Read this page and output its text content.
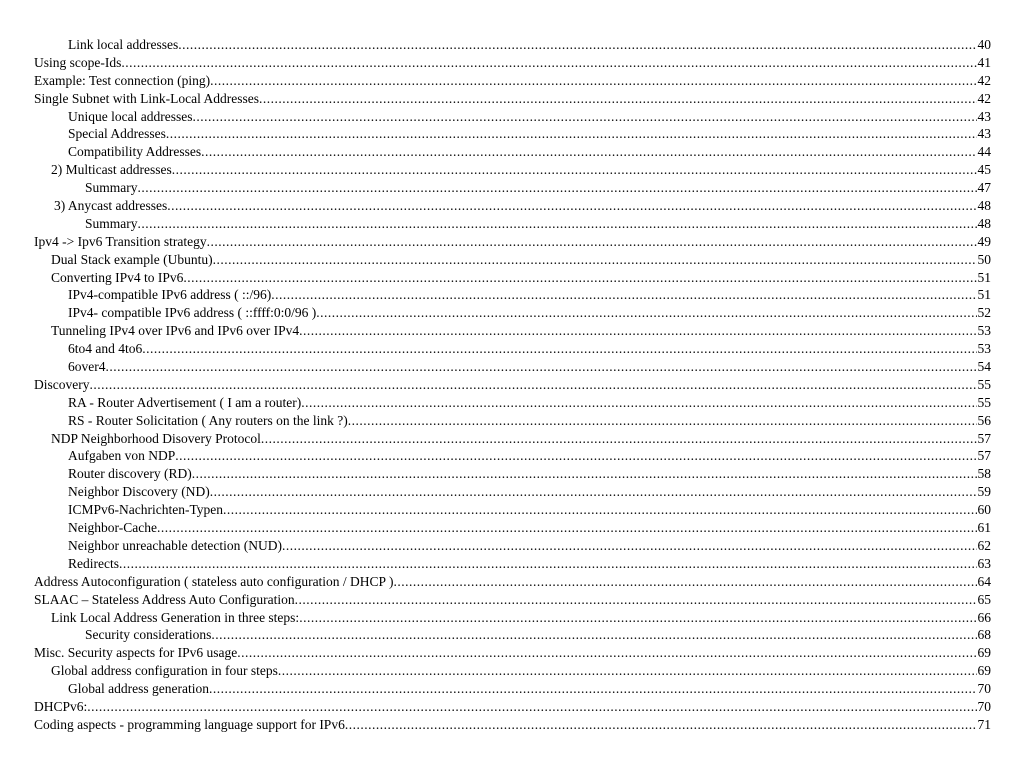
Link local addresses .....	40
Using scope-Ids .....	41
Example: Test connection (ping) .....	42
Single Subnet with Link-Local Addresses .....	42
Unique local addresses .....	43
Special Addresses .....	43
Compatibility Addresses .....	44
2) Multicast addresses .....	45
Summary .....	47
3) Anycast addresses .....	48
Summary .....	48
Ipv4 -> Ipv6 Transition strategy .....	49
Dual Stack example (Ubuntu) .....	50
Converting IPv4 to IPv6 .....	51
IPv4-compatible IPv6 address ( ::/96) .....	51
IPv4- compatible IPv6 address ( ::ffff:0:0/96 ) .....	52
Tunneling IPv4 over IPv6 and IPv6 over IPv4 .....	53
6to4 and 4to6 .....	53
6over4 .....	54
Discovery .....	55
RA - Router Advertisement ( I am a router) .....	55
RS - Router Solicitation ( Any routers on the link ?) .....	56
NDP Neighborhood Disovery Protocol .....	57
Aufgaben von NDP .....	57
Router discovery (RD) .....	58
Neighbor Discovery (ND) .....	59
ICMPv6-Nachrichten-Typen .....	60
Neighbor-Cache .....	61
Neighbor unreachable detection (NUD) .....	62
Redirects .....	63
Address Autoconfiguration ( stateless auto configuration / DHCP ) .....	64
SLAAC – Stateless Address Auto Configuration .....	65
Link Local Address Generation in three steps: .....	66
Security considerations .....	68
Misc. Security aspects for IPv6 usage .....	69
Global address configuration in four steps .....	69
Global address generation .....	70
DHCPv6: .....	70
Coding aspects - programming language support for IPv6 .....	71
